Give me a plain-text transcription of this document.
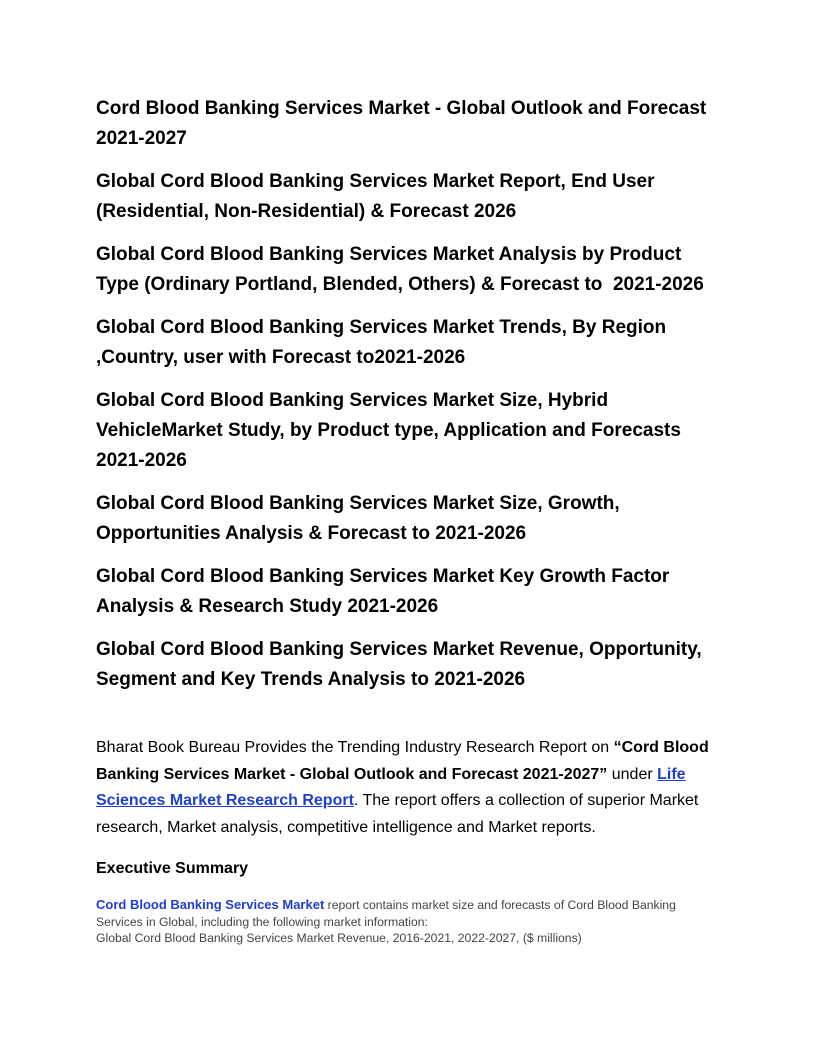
Cord Blood Banking Services Market - Global Outlook and Forecast 2021-2027
Global Cord Blood Banking Services Market Report, End User (Residential, Non-Residential) & Forecast 2026
Global Cord Blood Banking Services Market Analysis by Product Type (Ordinary Portland, Blended, Others) & Forecast to  2021-2026
Global Cord Blood Banking Services Market Trends, By Region ,Country, user with Forecast to2021-2026
Global Cord Blood Banking Services Market Size, Hybrid VehicleMarket Study, by Product type, Application and Forecasts 2021-2026
Global Cord Blood Banking Services Market Size, Growth, Opportunities Analysis & Forecast to 2021-2026
Global Cord Blood Banking Services Market Key Growth Factor Analysis & Research Study 2021-2026
Global Cord Blood Banking Services Market Revenue, Opportunity, Segment and Key Trends Analysis to 2021-2026

Bharat Book Bureau Provides the Trending Industry Research Report on “Cord Blood Banking Services Market - Global Outlook and Forecast 2021-2027” under Life Sciences Market Research Report. The report offers a collection of superior Market research, Market analysis, competitive intelligence and Market reports.

Executive Summary
Cord Blood Banking Services Market report contains market size and forecasts of Cord Blood Banking Services in Global, including the following market information:
Global Cord Blood Banking Services Market Revenue, 2016-2021, 2022-2027, ($ millions)
